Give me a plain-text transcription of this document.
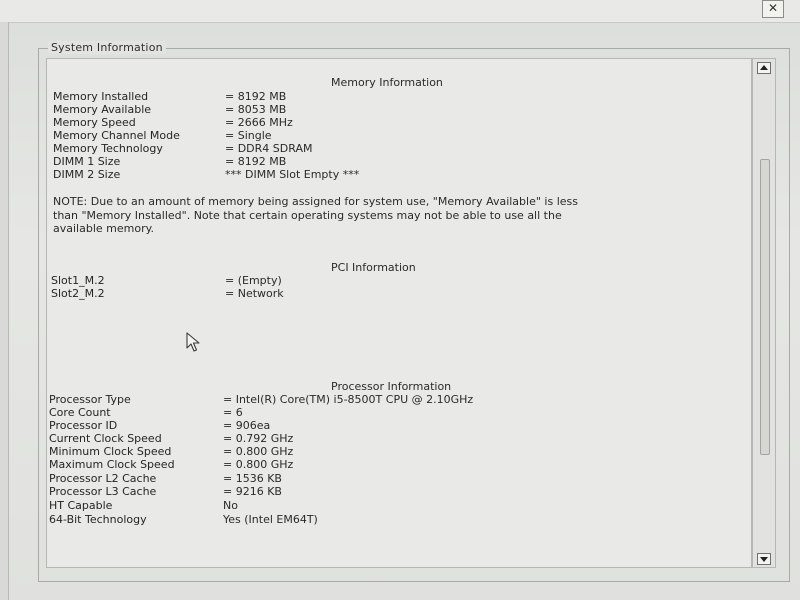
✕
System Information
Memory Information
Memory Installed	= 8192 MB
Memory Available	= 8053 MB
Memory Speed	= 2666 MHz
Memory Channel Mode	= Single
Memory Technology	= DDR4 SDRAM
DIMM 1 Size	= 8192 MB
DIMM 2 Size	*** DIMM Slot Empty ***
NOTE: Due to an amount of memory being assigned for system use, "Memory Available" is less
than "Memory Installed". Note that certain operating systems may not be able to use all the
available memory.
PCI Information
Slot1_M.2	= (Empty)
Slot2_M.2	= Network
Processor Information
Processor Type	= Intel(R) Core(TM) i5-8500T CPU @ 2.10GHz
Core Count	= 6
Processor ID	= 906ea
Current Clock Speed	= 0.792 GHz
Minimum Clock Speed	= 0.800 GHz
Maximum Clock Speed	= 0.800 GHz
Processor L2 Cache	= 1536 KB
Processor L3 Cache	= 9216 KB
HT Capable	No
64-Bit Technology	Yes (Intel EM64T)
